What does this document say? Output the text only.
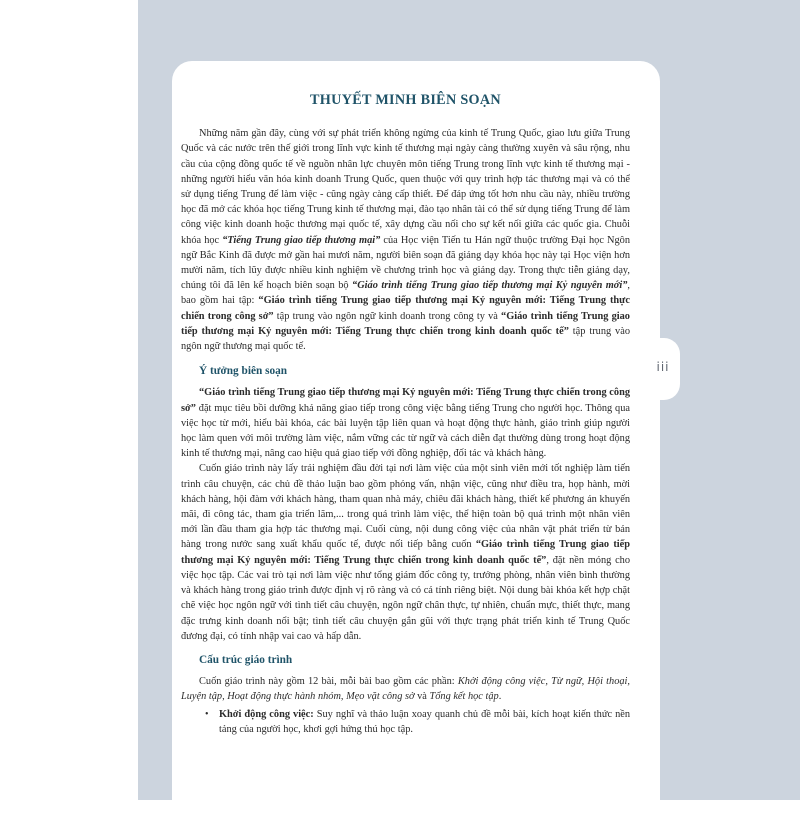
iii
THUYẾT MINH BIÊN SOẠN

Những năm gần đây, cùng với sự phát triển không ngừng của kinh tế Trung Quốc, giao lưu giữa Trung Quốc và các nước trên thế giới trong lĩnh vực kinh tế thương mại ngày càng thường xuyên và sâu rộng, nhu cầu của cộng đồng quốc tế về nguồn nhân lực chuyên môn tiếng Trung trong lĩnh vực kinh tế thương mại - những người hiểu văn hóa kinh doanh Trung Quốc, quen thuộc với quy trình hợp tác thương mại và có thể sử dụng tiếng Trung để làm việc - cũng ngày càng cấp thiết. Để đáp ứng tốt hơn nhu cầu này, nhiều trường học đã mở các khóa học tiếng Trung kinh tế thương mại, đào tạo nhân tài có thể sử dụng tiếng Trung để làm công việc kinh doanh hoặc thương mại quốc tế, xây dựng cầu nối cho sự kết nối giữa các quốc gia. Chuỗi khóa học “Tiếng Trung giao tiếp thương mại” của Học viện Tiến tu Hán ngữ thuộc trường Đại học Ngôn ngữ Bắc Kinh đã được mở gần hai mươi năm, người biên soạn đã giảng dạy khóa học này tại Học viện hơn mười năm, tích lũy được nhiều kinh nghiệm về chương trình học và giảng dạy. Trong thực tiễn giảng dạy, chúng tôi đã lên kế hoạch biên soạn bộ “Giáo trình tiếng Trung giao tiếp thương mại Kỷ nguyên mới”, bao gồm hai tập: “Giáo trình tiếng Trung giao tiếp thương mại Kỷ nguyên mới: Tiếng Trung thực chiến trong công sở” tập trung vào ngôn ngữ kinh doanh trong công ty và “Giáo trình tiếng Trung giao tiếp thương mại Kỷ nguyên mới: Tiếng Trung thực chiến trong kinh doanh quốc tế” tập trung vào ngôn ngữ thương mại quốc tế.

Ý tưởng biên soạn

“Giáo trình tiếng Trung giao tiếp thương mại Kỷ nguyên mới: Tiếng Trung thực chiến trong công sở” đặt mục tiêu bồi dưỡng khả năng giao tiếp trong công việc bằng tiếng Trung cho người học. Thông qua việc học từ mới, hiểu bài khóa, các bài luyện tập liên quan và hoạt động thực hành, giáo trình giúp người học làm quen với môi trường làm việc, nắm vững các từ ngữ và cách diễn đạt thường dùng trong hoạt động kinh tế thương mại, nâng cao hiệu quả giao tiếp với đồng nghiệp, đối tác và khách hàng.

Cuốn giáo trình này lấy trải nghiệm đầu đời tại nơi làm việc của một sinh viên mới tốt nghiệp làm tiến trình câu chuyện, các chủ đề thảo luận bao gồm phỏng vấn, nhận việc, cũng như điều tra, họp hành, mời khách hàng, hội đàm với khách hàng, tham quan nhà máy, chiêu đãi khách hàng, thiết kế phương án khuyến mãi, đi công tác, tham gia triển lãm,... trong quá trình làm việc, thể hiện toàn bộ quá trình một nhân viên mới lần đầu tham gia hợp tác thương mại. Cuối cùng, nội dung công việc của nhân vật phát triển từ bán hàng trong nước sang xuất khẩu quốc tế, được nối tiếp bằng cuốn “Giáo trình tiếng Trung giao tiếp thương mại Kỷ nguyên mới: Tiếng Trung thực chiến trong kinh doanh quốc tế”, đặt nền móng cho việc học tập. Các vai trò tại nơi làm việc như tổng giám đốc công ty, trưởng phòng, nhân viên bình thường và khách hàng trong giáo trình được định vị rõ ràng và có cá tính riêng biệt. Nội dung bài khóa kết hợp chặt chẽ việc học ngôn ngữ với tình tiết câu chuyện, ngôn ngữ chân thực, tự nhiên, chuẩn mực, thiết thực, mang đặc trưng kinh doanh nổi bật; tình tiết câu chuyện gắn gũi với thực trạng phát triển kinh tế Trung Quốc đương đại, có tính nhập vai cao và hấp dẫn.

Cấu trúc giáo trình

Cuốn giáo trình này gồm 12 bài, mỗi bài bao gồm các phần: Khởi động công việc, Từ ngữ, Hội thoại, Luyện tập, Hoạt động thực hành nhóm, Mẹo vặt công sở và Tổng kết học tập.

•	Khởi động công việc: Suy nghĩ và thảo luận xoay quanh chủ đề mỗi bài, kích hoạt kiến thức nền tảng của người học, khơi gợi hứng thú học tập.
